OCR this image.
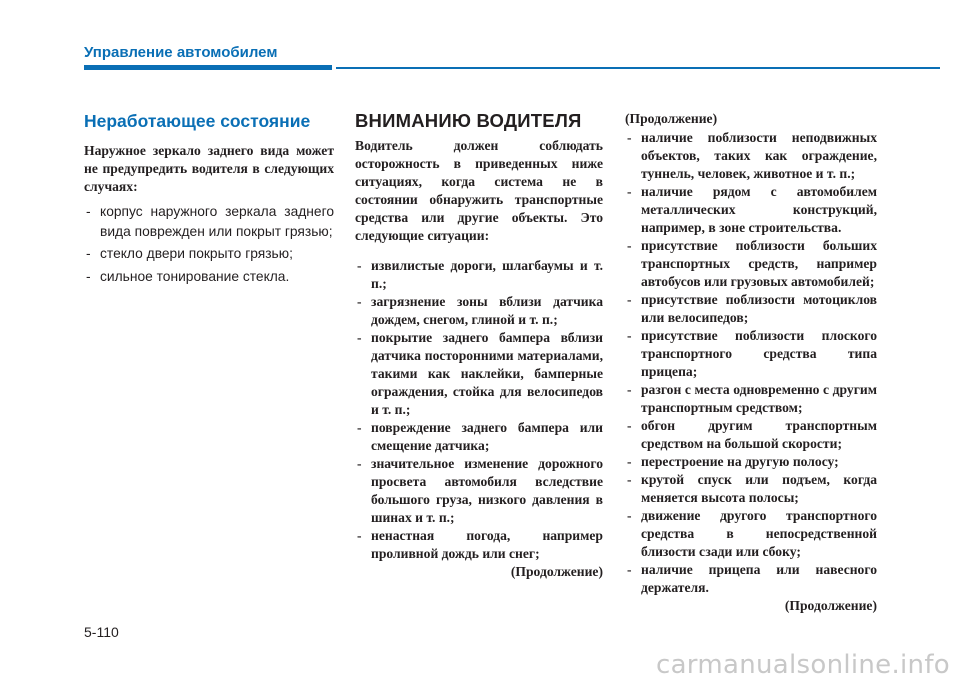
Управление автомобилем
Неработающее состояние

Наружное зеркало заднего вида может не предупредить водителя в следующих случаях:

- корпус наружного зеркала заднего вида поврежден или покрыт грязью;
- стекло двери покрыто грязью;
- сильное тонирование стекла.
ВНИМАНИЮ ВОДИТЕЛЯ

Водитель должен соблюдать осторожность в приведенных ниже ситуациях, когда система не в состоянии обнаружить транспортные средства или другие объекты. Это следующие ситуации:

- извилистые дороги, шлагбаумы и т. п.;
- загрязнение зоны вблизи датчика дождем, снегом, глиной и т. п.;
- покрытие заднего бампера вблизи датчика посторонними материалами, такими как наклейки, бамперные ограждения, стойка для велосипедов и т. п.;
- повреждение заднего бампера или смещение датчика;
- значительное изменение дорожного просвета автомобиля вследствие большого груза, низкого давления в шинах и т. п.;
- ненастная погода, например проливной дождь или снег;

(Продолжение)

(Продолжение)

- наличие поблизости неподвижных объектов, таких как ограждение, туннель, человек, животное и т. п.;
- наличие рядом с автомобилем металлических конструкций, например, в зоне строительства.
- присутствие поблизости больших транспортных средств, например автобусов или грузовых автомобилей;
- присутствие поблизости мотоциклов или велосипедов;
- присутствие поблизости плоского транспортного средства типа прицепа;
- разгон с места одновременно с другим транспортным средством;
- обгон другим транспортным средством на большой скорости;
- перестроение на другую полосу;
- крутой спуск или подъем, когда меняется высота полосы;
- движение другого транспортного средства в непосредственной близости сзади или сбоку;
- наличие прицепа или навесного держателя.

(Продолжение)

5-110

carmanualsonline.info
